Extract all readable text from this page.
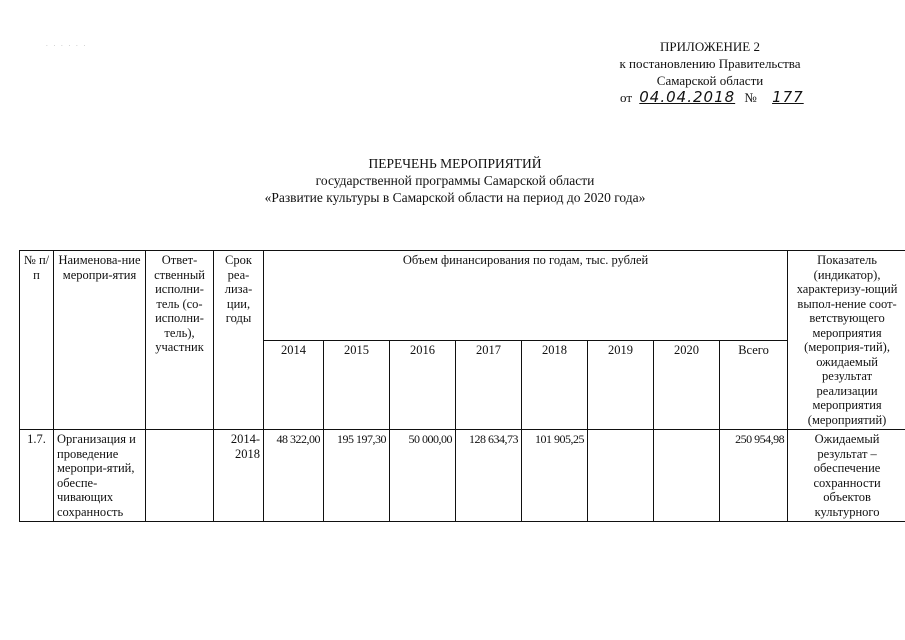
. . . . . .	ПРИЛОЖЕНИЕ 2
к постановлению Правительства
Самарской области
от 04.04.2018 № 177
ПЕРЕЧЕНЬ МЕРОПРИЯТИЙ
государственной программы Самарской области
«Развитие культуры в Самарской области на период до 2020 года»
№ п/п	Наименова-ние меропри-ятия	Ответ-ственный исполни-тель (со-исполни-тель), участник	Срок реа-лиза-ции, годы	Объем финансирования по годам, тыс. рублей								Показатель (индикатор), характеризу-ющий выпол-нение соот-ветствующего мероприятия (мероприя-тий), ожидаемый результат реализации мероприятия (мероприятий)
				2014	2015	2016	2017	2018	2019	2020	Всего	
1.7.	Организация и проведение меропри-ятий, обеспе-чивающих сохранность		2014-2018	48 322,00	195 197,30	50 000,00	128 634,73	101 905,25			250 954,98	Ожидаемый результат – обеспечение сохранности объектов культурного
